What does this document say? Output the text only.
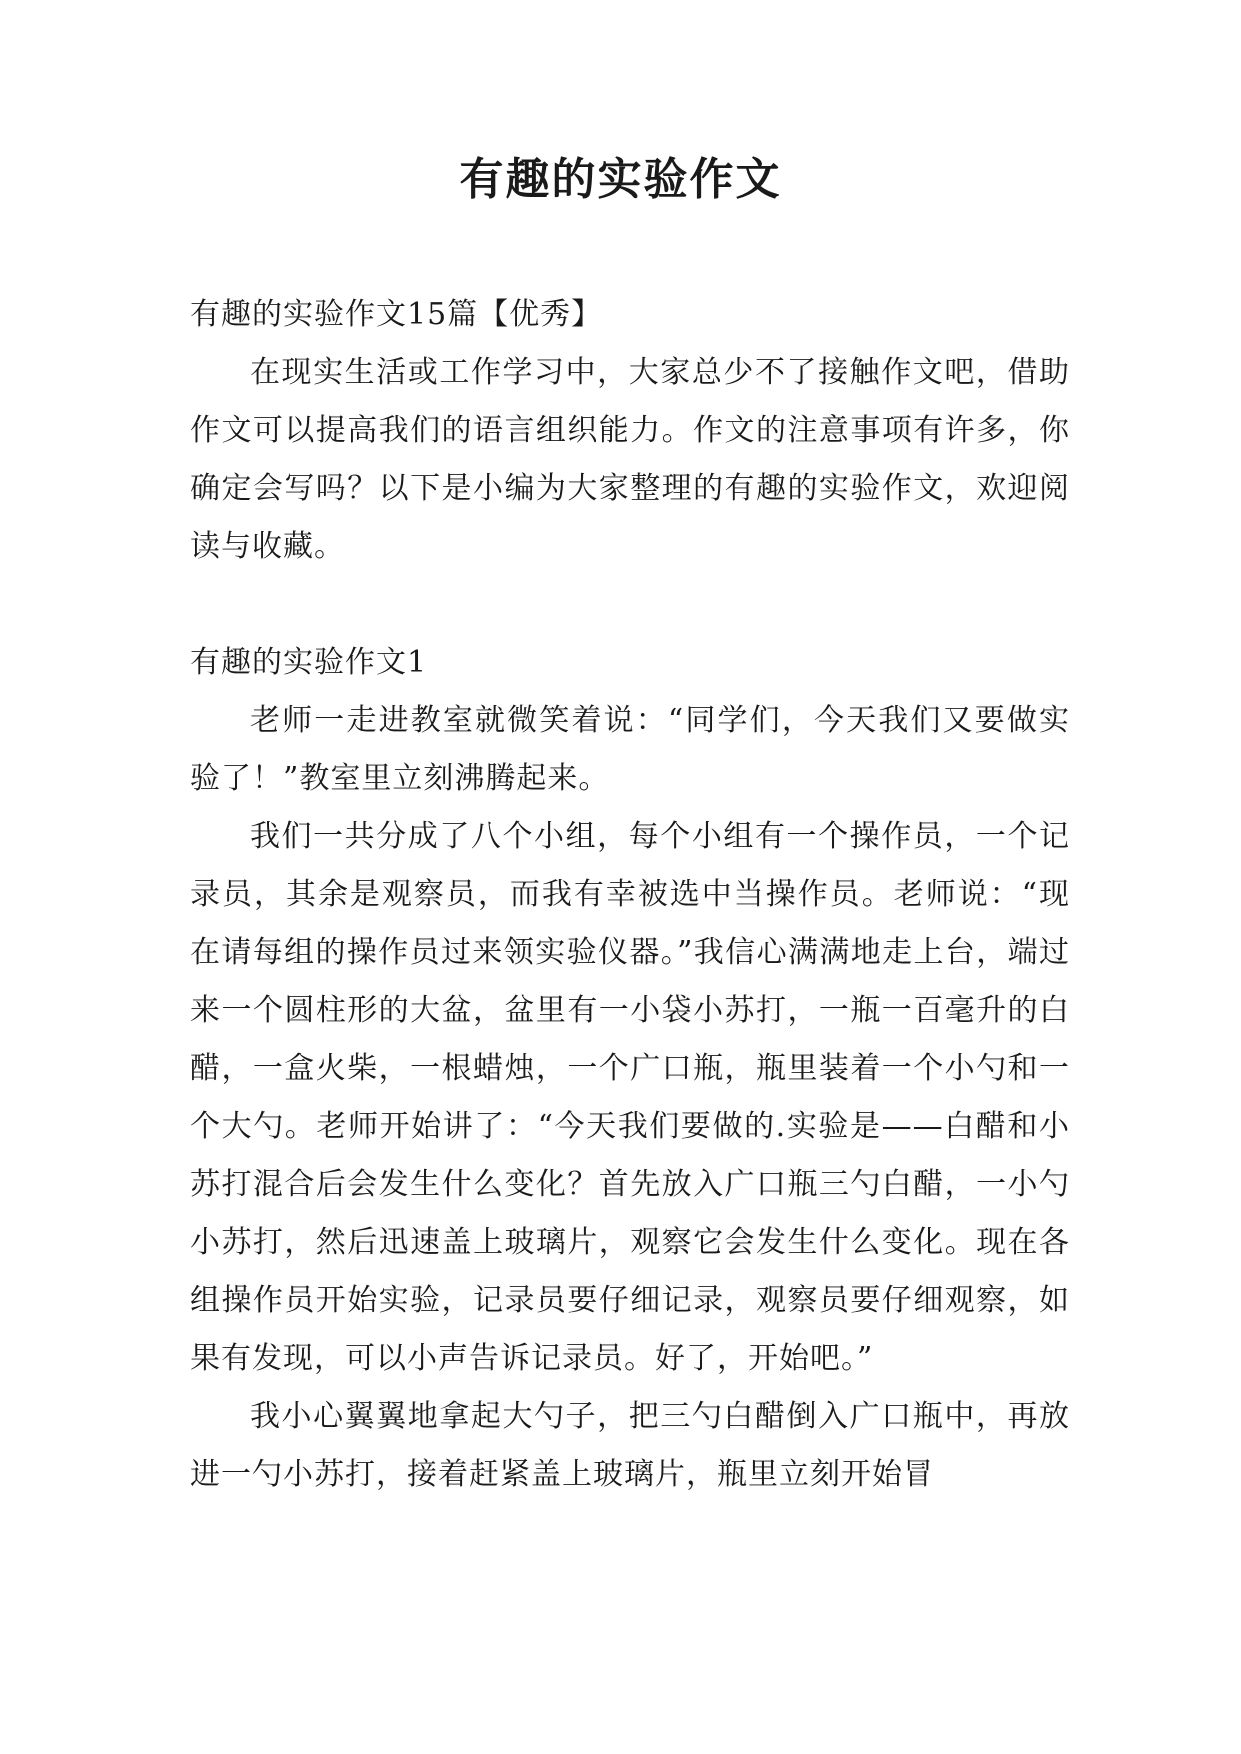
有趣的实验作文

有趣的实验作文15篇【优秀】

在现实生活或工作学习中，大家总少不了接触作文吧，借助作文可以提高我们的语言组织能力。作文的注意事项有许多，你确定会写吗？以下是小编为大家整理的有趣的实验作文，欢迎阅读与收藏。

有趣的实验作文1

老师一走进教室就微笑着说：“同学们，今天我们又要做实验了！”教室里立刻沸腾起来。

我们一共分成了八个小组，每个小组有一个操作员，一个记录员，其余是观察员，而我有幸被选中当操作员。老师说：“现在请每组的操作员过来领实验仪器。”我信心满满地走上台，端过来一个圆柱形的大盆，盆里有一小袋小苏打，一瓶一百毫升的白醋，一盒火柴，一根蜡烛，一个广口瓶，瓶里装着一个小勺和一个大勺。老师开始讲了：“今天我们要做的.实验是——白醋和小苏打混合后会发生什么变化？首先放入广口瓶三勺白醋，一小勺小苏打，然后迅速盖上玻璃片，观察它会发生什么变化。现在各组操作员开始实验，记录员要仔细记录，观察员要仔细观察，如果有发现，可以小声告诉记录员。好了，开始吧。”

我小心翼翼地拿起大勺子，把三勺白醋倒入广口瓶中，再放进一勺小苏打，接着赶紧盖上玻璃片，瓶里立刻开始冒
